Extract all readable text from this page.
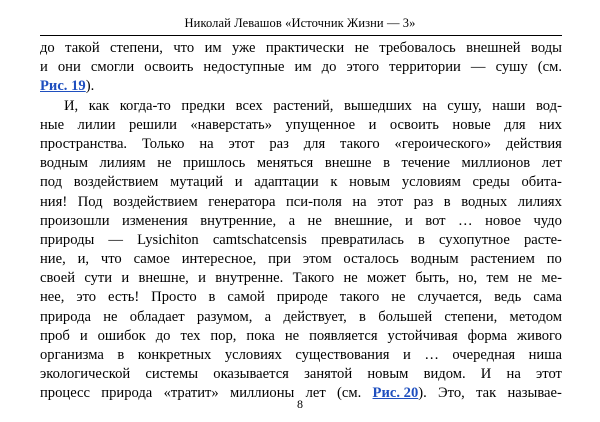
Николай Левашов «Источник Жизни — 3»
до такой степени, что им уже практически не требовалось внешней воды
и они смогли освоить недоступные им до этого территории — сушу (см.
Рис. 19 ).
И, как когда-то предки всех растений, вышедших на сушу, наши вод-
ные лилии решили «наверстать» упущенное и освоить новые для них
пространства. Только на этот раз для такого «героического» действия
водным лилиям не пришлось меняться внешне в течение миллионов лет
под воздействием мутаций и адаптации к новым условиям среды обита-
ния! Под воздействием генератора пси-поля на этот раз в водных лилиях
произошли изменения внутренние, а не внешние, и вот … новое чудо
природы — Lysichiton camtschatcensis превратилась в сухопутное расте-
ние, и, что самое интересное, при этом осталось водным растением по
своей сути и внешне, и внутренне. Такого не может быть, но, тем не ме-
нее, это есть! Просто в самой природе такого не случается, ведь сама
природа не обладает разумом, а действует, в большей степени, методом
проб и ошибок до тех пор, пока не появляется устойчивая форма живого
организма в конкретных условиях существования и … очередная ниша
экологической системы оказывается занятой новым видом. И на этот
процесс природа «тратит» миллионы лет (см. Рис. 20). Это, так называе-
8
